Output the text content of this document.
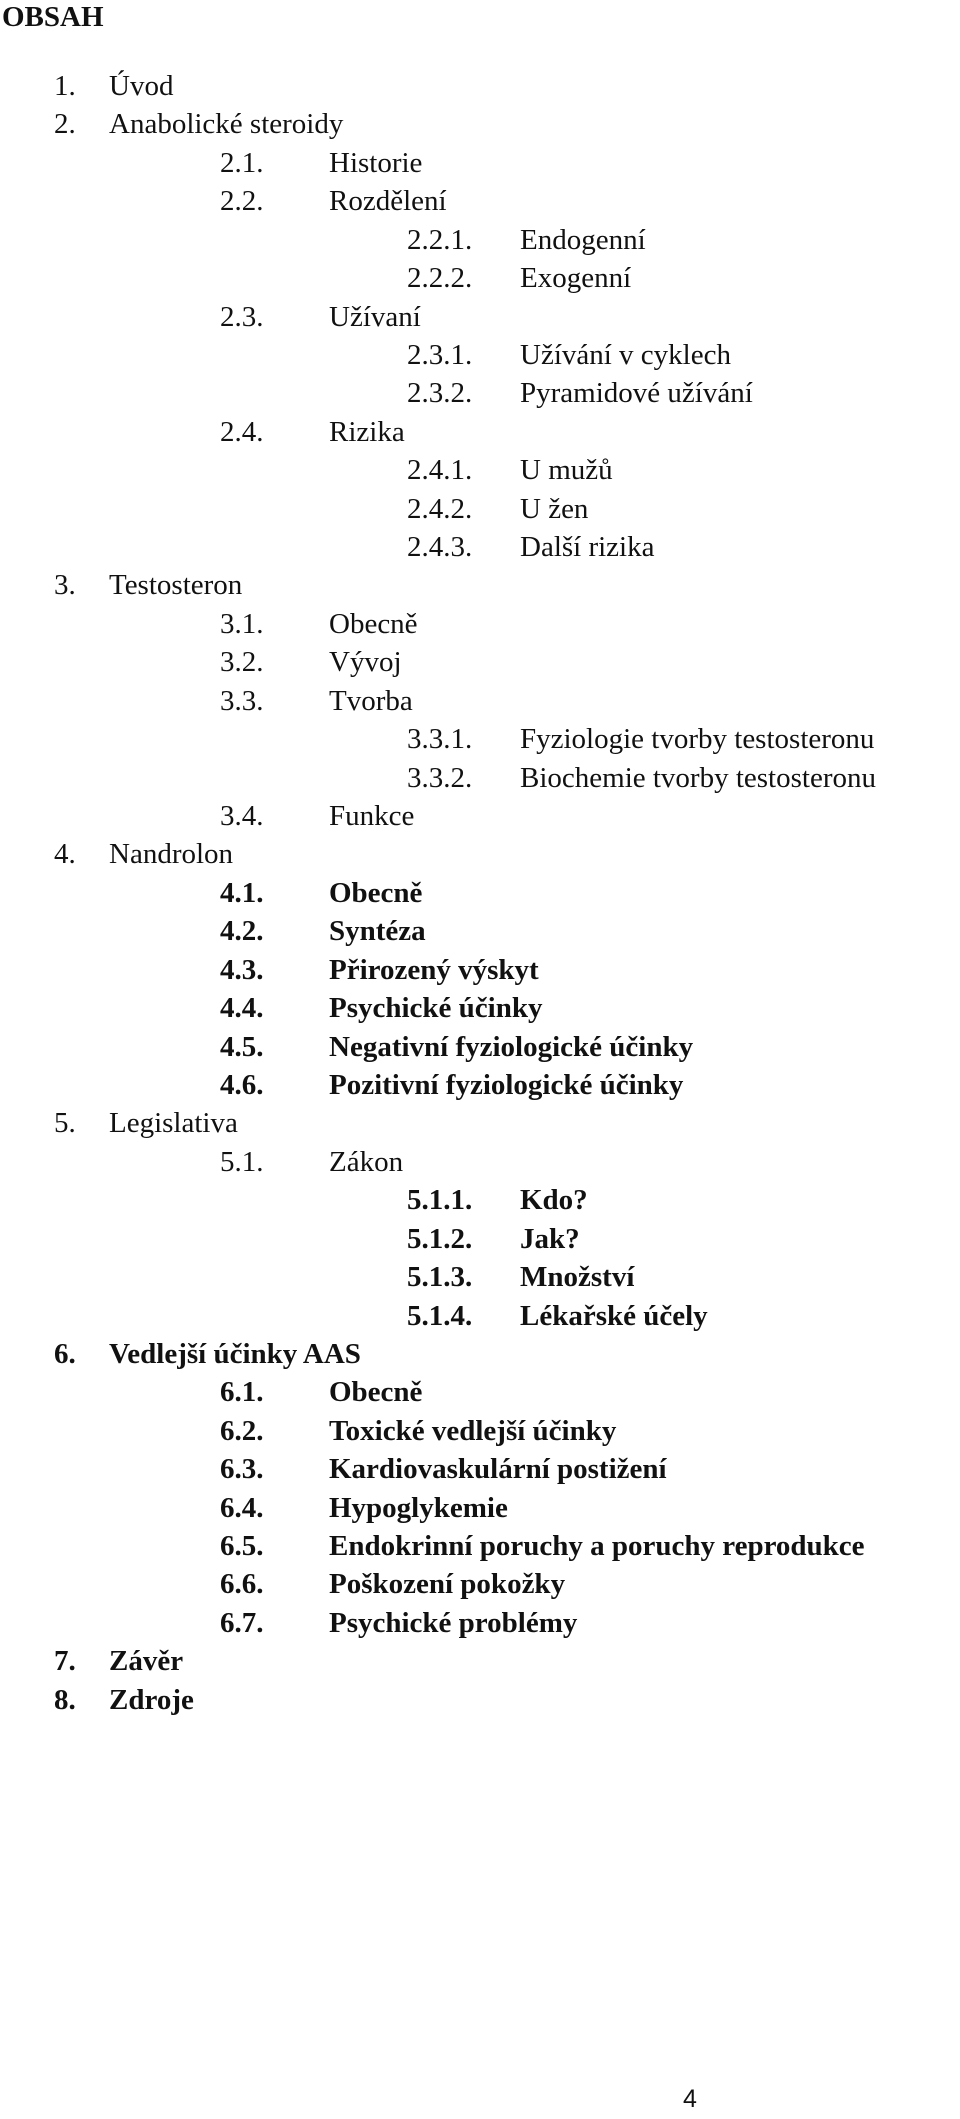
OBSAH
1. Úvod
2. Anabolické steroidy
2.1. Historie
2.2. Rozdělení
2.2.1. Endogenní
2.2.2. Exogenní
2.3. Užívaní
2.3.1. Užívání v cyklech
2.3.2. Pyramidové užívání
2.4. Rizika
2.4.1. U mužů
2.4.2. U žen
2.4.3. Další rizika
3. Testosteron
3.1. Obecně
3.2. Vývoj
3.3. Tvorba
3.3.1. Fyziologie tvorby testosteronu
3.3.2. Biochemie tvorby testosteronu
3.4. Funkce
4. Nandrolon
4.1. Obecně
4.2. Syntéza
4.3. Přirozený výskyt
4.4. Psychické účinky
4.5. Negativní fyziologické účinky
4.6. Pozitivní fyziologické účinky
5. Legislativa
5.1. Zákon
5.1.1. Kdo?
5.1.2. Jak?
5.1.3. Množství
5.1.4. Lékařské účely
6. Vedlejší účinky AAS
6.1. Obecně
6.2. Toxické vedlejší účinky
6.3. Kardiovaskulární postižení
6.4. Hypoglykemie
6.5. Endokrinní poruchy a poruchy reprodukce
6.6. Poškození pokožky
6.7. Psychické problémy
7. Závěr
8. Zdroje
4
